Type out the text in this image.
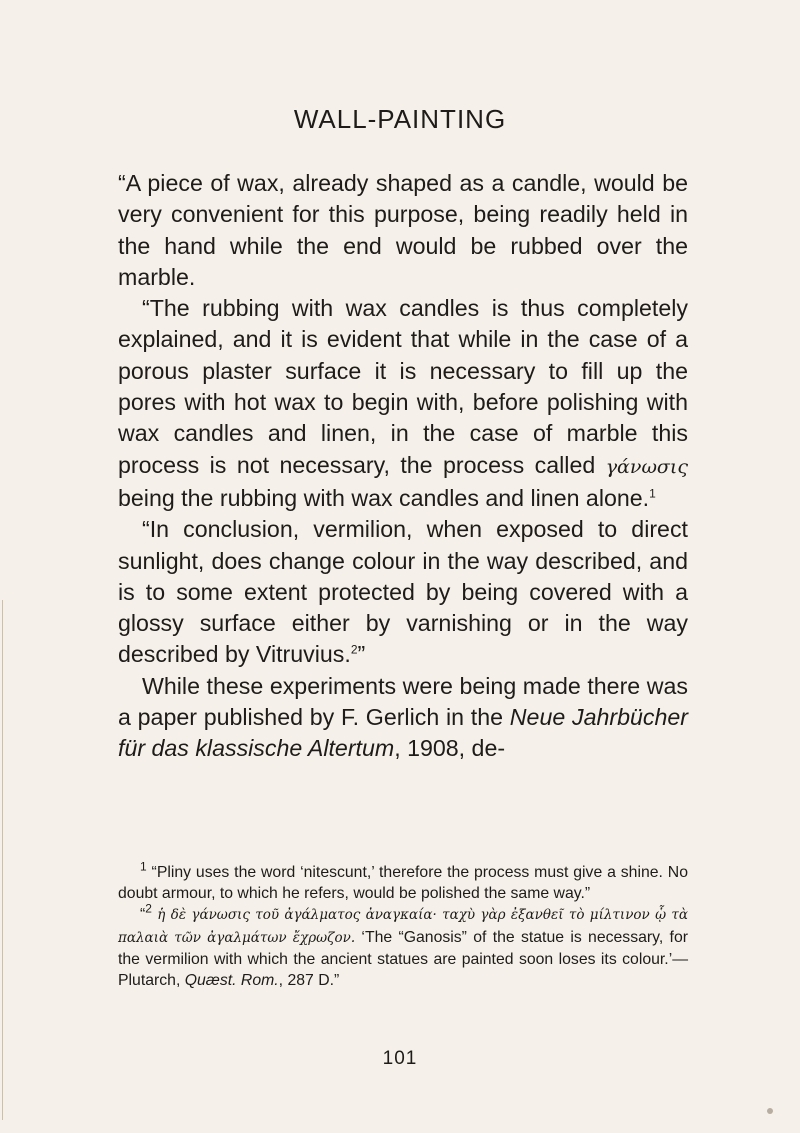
WALL-PAINTING

“A piece of wax, already shaped as a candle, would be very convenient for this purpose, being readily held in the hand while the end would be rubbed over the marble.

“The rubbing with wax candles is thus completely explained, and it is evident that while in the case of a porous plaster surface it is necessary to fill up the pores with hot wax to begin with, before polishing with wax candles and linen, in the case of marble this process is not necessary, the process called γάνωσις being the rubbing with wax candles and linen alone.$^1$

“In conclusion, vermilion, when exposed to direct sunlight, does change colour in the way described, and is to some extent protected by being covered with a glossy surface either by varnishing or in the way described by Vitruvius.$^2$”

While these experiments were being made there was a paper published by F. Gerlich in the Neue Jahrbücher für das klassische Altertum, 1908, de-

$^1$ “Pliny uses the word ‘nitescunt,’ therefore the process must give a shine. No doubt armour, to which he refers, would be polished the same way.”

“$^2$ ἡ δὲ γάνωσις τοῦ ἀγάλματος ἀναγκαία· ταχὺ γὰρ ἐξανθεῖ τὸ μίλτινον ᾧ τὰ παλαιὰ τῶν ἀγαλμάτων ἔχρωζον. ‘The “Ganosis” of the statue is necessary, for the vermilion with which the ancient statues are painted soon loses its colour.’—Plutarch, Quæst. Rom., 287 D.”

101
